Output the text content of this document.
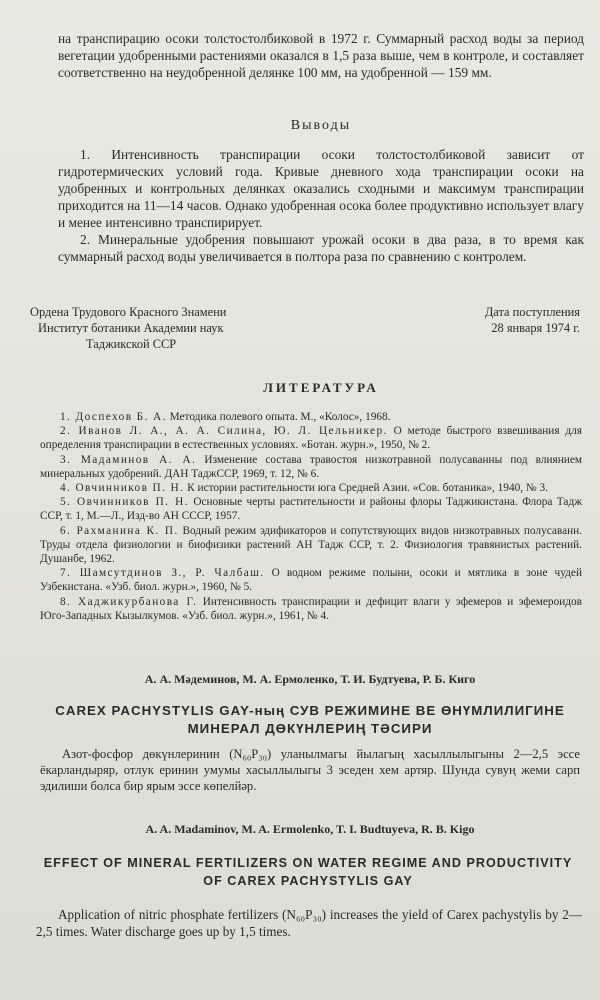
на транспирацию осоки толстостолбиковой в 1972 г. Суммарный расход воды за период вегетации удобренными растениями оказался в 1,5 раза выше, чем в контроле, и составляет соответственно на неудобренной делянке 100 мм, на удобренной — 159 мм.

Выводы

1. Интенсивность транспирации осоки толстостолбиковой зависит от гидротермических условий года. Кривые дневного хода транспирации осоки на удобренных и контрольных делянках оказались сходными и максимум транспирации приходится на 11—14 часов. Однако удобренная осока более продуктивно использует влагу и менее интенсивно транспирирует.

2. Минеральные удобрения повышают урожай осоки в два раза, в то время как суммарный расход воды увеличивается в полтора раза по сравнению с контролем.

Ордена Трудового Красного Знамени
Институт ботаники Академии наук
Таджикской ССР
Дата поступления
28 января 1974 г.
ЛИТЕРАТУРА

1. Доспехов Б. А. Методика полевого опыта. М., «Колос», 1968.

2. Иванов Л. А., А. А. Силина, Ю. Л. Цельникер. О методе быстрого взвешивания для определения транспирации в естественных условиях. «Ботан. журн.», 1950, № 2.

3. Мадаминов А. А. Изменение состава травостоя низкотравной полусаванны под влиянием минеральных удобрений. ДАН ТаджССР, 1969, т. 12, № 6.

4. Овчинников П. Н. К истории растительности юга Средней Азии. «Сов. ботаника», 1940, № 3.

5. Овчинников П. Н. Основные черты растительности и районы флоры Таджикистана. Флора Тадж ССР, т. 1, М.—Л., Изд-во АН СССР, 1957.

6. Рахманина К. П. Водный режим эдификаторов и сопутствующих видов низкотравных полусаванн. Труды отдела физиологии и биофизики растений АН Тадж ССР, т. 2. Физиология травянистых растений. Душанбе, 1962.

7. Шамсутдинов З., Р. Чалбаш. О водном режиме полыни, осоки и мятлика в зоне чудей Узбекистана. «Узб. биол. журн.», 1960, № 5.

8. Хаджикурбанова Г. Интенсивность транспирации и дефицит влаги у эфемеров и эфемероидов Юго-Западных Кызылкумов. «Узб. биол. журн.», 1961, № 4.

А. А. Мәдеминов, М. А. Ермоленко, Т. И. Будтуева, Р. Б. Киго
CAREX PACHYSTYLIS GAY-ның СУВ РЕЖИМИНЕ ВЕ ӨНҮМЛИЛИГИНЕ
МИНЕРАЛ ДӨКҮНЛЕРИҢ ТӘСИРИ

Азот-фосфор дөкүнлеринин (N₆₀P₃₀) уланылмагы йылагың хасыллылыгыны 2—2,5 эссе ёкарландыряр, отлук еринин умумы хасыллылыгы 3 эседен хем артяр. Шунда сувуң жеми сарп эдилиши болса бир ярым эссе көпелйәр.

A. A. Madaminov, M. A. Ermolenko, T. I. Budtuyeva, R. B. Kigo
EFFECT OF MINERAL FERTILIZERS ON WATER REGIME AND PRODUCTIVITY
OF CAREX PACHYSTYLIS GAY

Application of nitric phosphate fertilizers (N₆₀P₃₀) increases the yield of Carex pachystylis by 2—2,5 times. Water discharge goes up by 1,5 times.
